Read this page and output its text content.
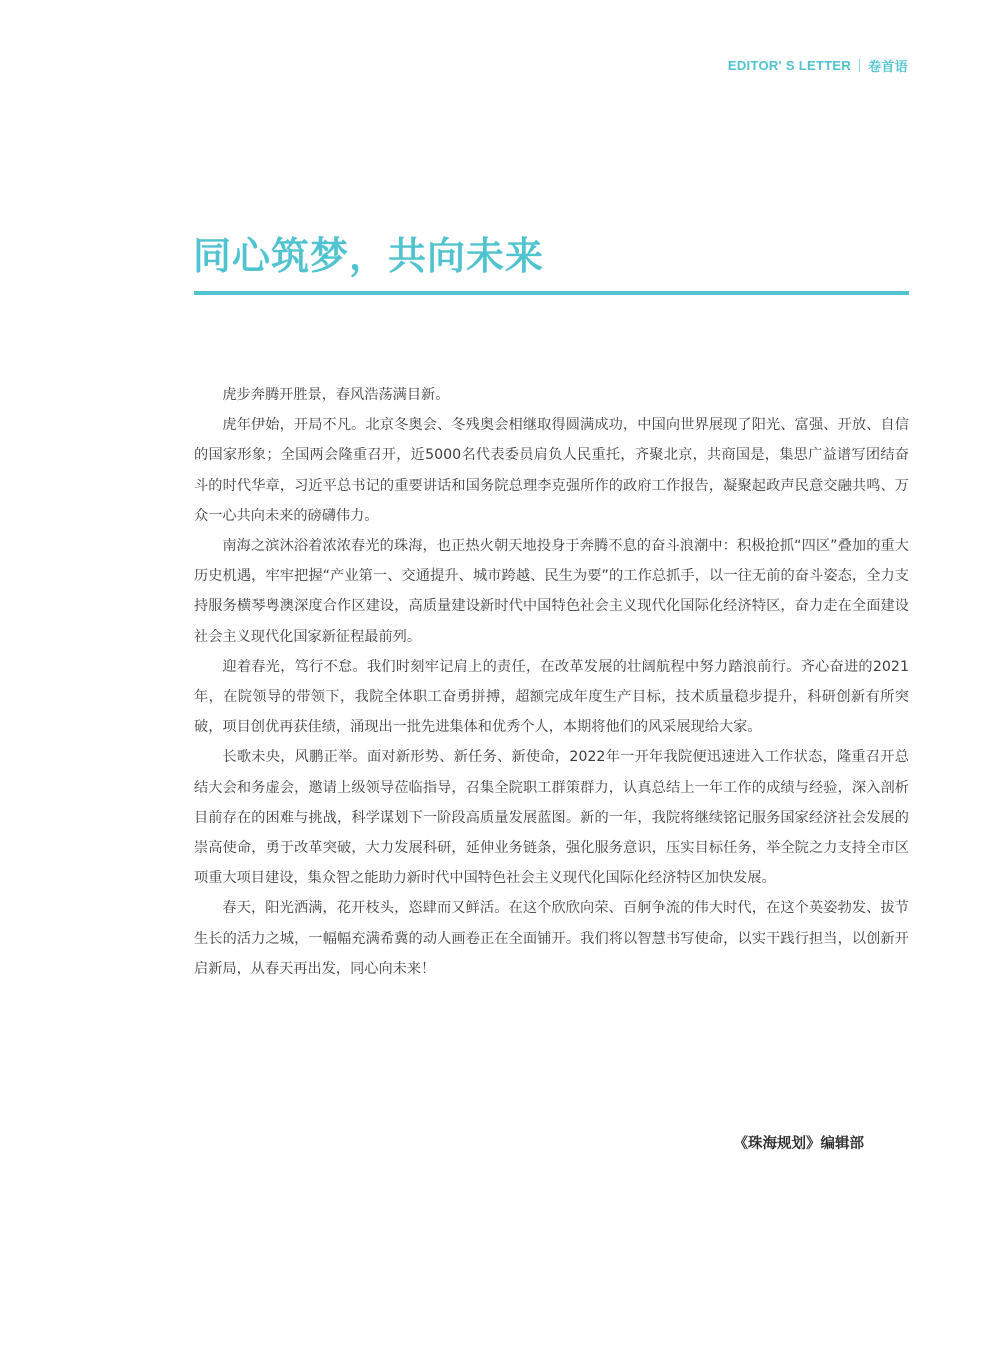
EDITOR' S LETTER 卷首语
同心筑梦，共向未来

虎步奔腾开胜景，春风浩荡满目新。

虎年伊始，开局不凡。北京冬奥会、冬残奥会相继取得圆满成功，中国向世界展现了阳光、富强、开放、自信的国家形象；全国两会隆重召开，近5000名代表委员肩负人民重托，齐聚北京，共商国是，集思广益谱写团结奋斗的时代华章，习近平总书记的重要讲话和国务院总理李克强所作的政府工作报告，凝聚起政声民意交融共鸣、万众一心共向未来的磅礴伟力。

南海之滨沐浴着浓浓春光的珠海，也正热火朝天地投身于奔腾不息的奋斗浪潮中：积极抢抓“四区”叠加的重大历史机遇，牢牢把握“产业第一、交通提升、城市跨越、民生为要”的工作总抓手，以一往无前的奋斗姿态，全力支持服务横琴粤澳深度合作区建设，高质量建设新时代中国特色社会主义现代化国际化经济特区，奋力走在全面建设社会主义现代化国家新征程最前列。

迎着春光，笃行不怠。我们时刻牢记肩上的责任，在改革发展的壮阔航程中努力踏浪前行。齐心奋进的2021年，在院领导的带领下，我院全体职工奋勇拼搏，超额完成年度生产目标，技术质量稳步提升，科研创新有所突破，项目创优再获佳绩，涌现出一批先进集体和优秀个人，本期将他们的风采展现给大家。

长歌未央，风鹏正举。面对新形势、新任务、新使命，2022年一开年我院便迅速进入工作状态，隆重召开总结大会和务虚会，邀请上级领导莅临指导，召集全院职工群策群力，认真总结上一年工作的成绩与经验，深入剖析目前存在的困难与挑战，科学谋划下一阶段高质量发展蓝图。新的一年，我院将继续铭记服务国家经济社会发展的崇高使命，勇于改革突破，大力发展科研，延伸业务链条，强化服务意识，压实目标任务，举全院之力支持全市区项重大项目建设，集众智之能助力新时代中国特色社会主义现代化国际化经济特区加快发展。

春天，阳光洒满，花开枝头，恣肆而又鲜活。在这个欣欣向荣、百舸争流的伟大时代，在这个英姿勃发、拔节生长的活力之城，一幅幅充满希冀的动人画卷正在全面铺开。我们将以智慧书写使命，以实干践行担当，以创新开启新局，从春天再出发，同心向未来！

《珠海规划》编辑部
